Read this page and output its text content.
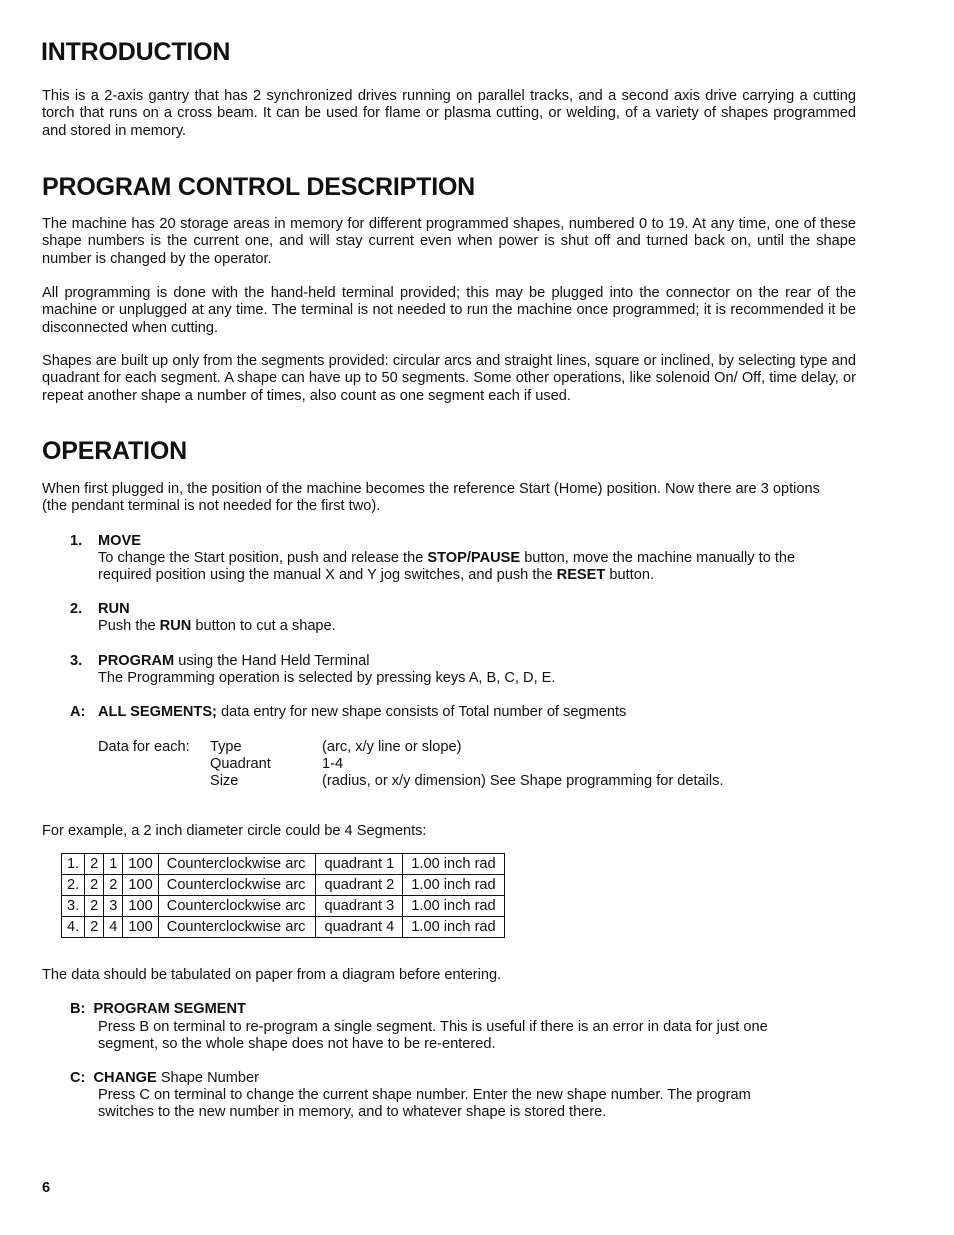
INTRODUCTION

This is a 2-axis gantry that has 2 synchronized drives running on parallel tracks, and a second axis drive carrying a cutting torch that runs on a cross beam. It can be used for flame or plasma cutting, or welding, of a variety of shapes programmed and stored in memory.

PROGRAM CONTROL DESCRIPTION

The machine has 20 storage areas in memory for different programmed shapes, numbered 0 to 19. At any time, one of these shape numbers is the current one, and will stay current even when power is shut off and turned back on, until the shape number is changed by the operator.

All programming is done with the hand-held terminal provided; this may be plugged into the connector on the rear of the machine or unplugged at any time. The terminal is not needed to run the machine once programmed; it is recommended it be disconnected when cutting.

Shapes are built up only from the segments provided: circular arcs and straight lines, square or inclined, by selecting type and quadrant for each segment. A shape can have up to 50 segments. Some other operations, like solenoid On/ Off, time delay, or repeat another shape a number of times, also count as one segment each if used.

OPERATION

When first plugged in, the position of the machine becomes the reference Start (Home) position. Now there are 3 options (the pendant terminal is not needed for the first two).

1. MOVE
To change the Start position, push and release the STOP/PAUSE button, move the machine manually to the
required position using the manual X and Y jog switches, and push the RESET button.
2. RUN
Push the RUN button to cut a shape.
3. PROGRAM using the Hand Held Terminal
The Programming operation is selected by pressing keys A, B, C, D, E.
A: ALL SEGMENTS; data entry for new shape consists of Total number of segments
Data for each: Type	(arc, x/y line or slope)
Quadrant	1-4
Size	(radius, or x/y dimension) See Shape programming for details.

For example, a 2 inch diameter circle could be 4 Segments:

1.	2	1	100	Counterclockwise arc	quadrant 1	1.00 inch rad
2.	2	2	100	Counterclockwise arc	quadrant 2	1.00 inch rad
3.	2	3	100	Counterclockwise arc	quadrant 3	1.00 inch rad
4.	2	4	100	Counterclockwise arc	quadrant 4	1.00 inch rad

The data should be tabulated on paper from a diagram before entering.

B: PROGRAM SEGMENT
Press B on terminal to re-program a single segment. This is useful if there is an error in data for just one
segment, so the whole shape does not have to be re-entered.
C: CHANGE Shape Number
Press C on terminal to change the current shape number. Enter the new shape number. The program
switches to the new number in memory, and to whatever shape is stored there.
6
